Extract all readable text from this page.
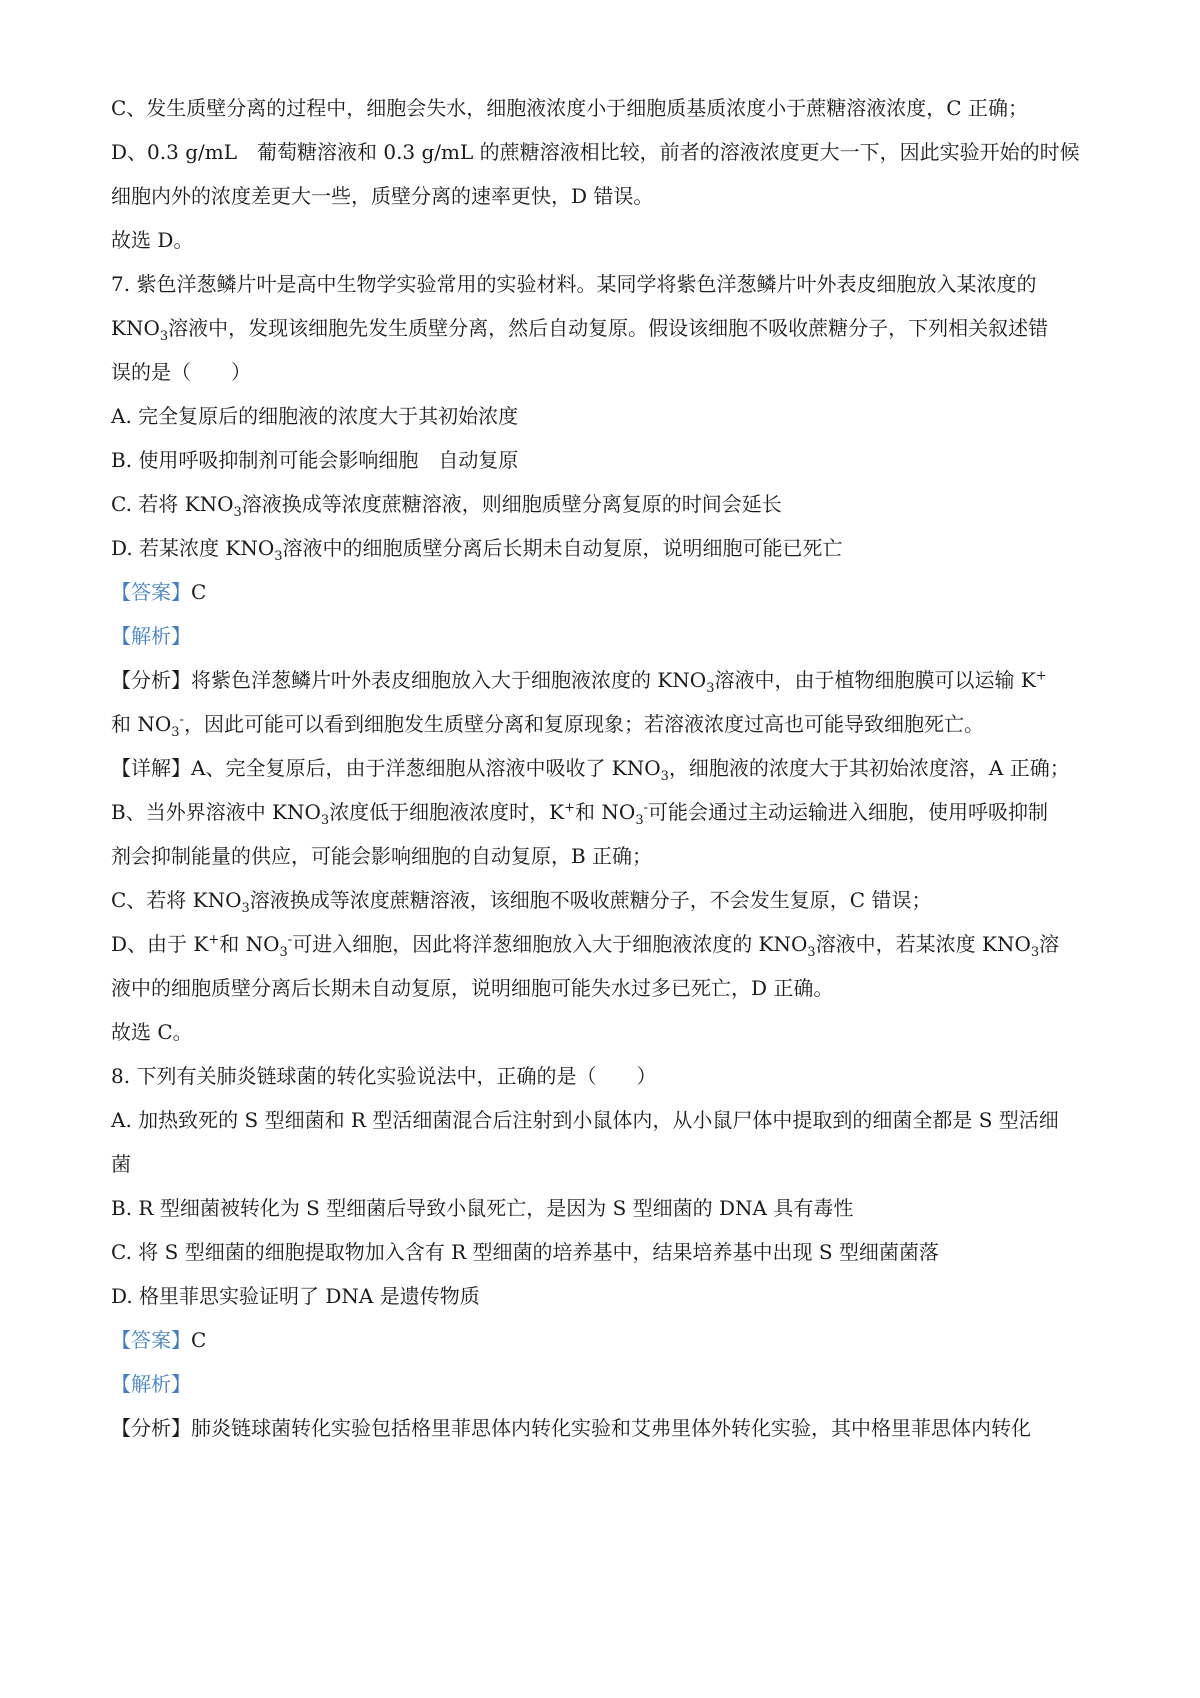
C、发生质壁分离的过程中，细胞会失水，细胞液浓度小于细胞质基质浓度小于蔗糖溶液浓度，C 正确；
D、0.3 g/mL　葡萄糖溶液和 0.3 g/mL 的蔗糖溶液相比较，前者的溶液浓度更大一下，因此实验开始的时候
细胞内外的浓度差更大一些，质壁分离的速率更快，D 错误。
故选 D。
7. 紫色洋葱鳞片叶是高中生物学实验常用的实验材料。某同学将紫色洋葱鳞片叶外表皮细胞放入某浓度的
$KNO_3$溶液中，发现该细胞先发生质壁分离，然后自动复原。假设该细胞不吸收蔗糖分子，下列相关叙述错
误的是（　　）
A. 完全复原后的细胞液的浓度大于其初始浓度
B. 使用呼吸抑制剂可能会影响细胞　自动复原
C. 若将 $KNO_3$溶液换成等浓度蔗糖溶液，则细胞质壁分离复原的时间会延长
D. 若某浓度 $KNO_3$溶液中的细胞质壁分离后长期未自动复原，说明细胞可能已死亡
【答案】C
【解析】
【分析】将紫色洋葱鳞片叶外表皮细胞放入大于细胞液浓度的 $KNO_3$溶液中，由于植物细胞膜可以运输 K+
和 $NO_3^-$，因此可能可以看到细胞发生质壁分离和复原现象；若溶液浓度过高也可能导致细胞死亡。
【详解】A、完全复原后，由于洋葱细胞从溶液中吸收了 $KNO_3$，细胞液的浓度大于其初始浓度溶，A 正确；
B、当外界溶液中 $KNO_3$浓度低于细胞液浓度时，K+和 $NO_3^-$可能会通过主动运输进入细胞，使用呼吸抑制
剂会抑制能量的供应，可能会影响细胞的自动复原，B 正确；
C、若将 $KNO_3$溶液换成等浓度蔗糖溶液，该细胞不吸收蔗糖分子，不会发生复原，C 错误；
D、由于 K+和 $NO_3^-$可进入细胞，因此将洋葱细胞放入大于细胞液浓度的 $KNO_3$溶液中，若某浓度 $KNO_3$溶
液中的细胞质壁分离后长期未自动复原，说明细胞可能失水过多已死亡，D 正确。
故选 C。
8. 下列有关肺炎链球菌的转化实验说法中，正确的是（　　）
A. 加热致死的 S 型细菌和 R 型活细菌混合后注射到小鼠体内，从小鼠尸体中提取到的细菌全都是 S 型活细
菌
B. R 型细菌被转化为 S 型细菌后导致小鼠死亡，是因为 S 型细菌的 DNA 具有毒性
C. 将 S 型细菌的细胞提取物加入含有 R 型细菌的培养基中，结果培养基中出现 S 型细菌菌落
D. 格里菲思实验证明了 DNA 是遗传物质
【答案】C
【解析】
【分析】肺炎链球菌转化实验包括格里菲思体内转化实验和艾弗里体外转化实验，其中格里菲思体内转化
